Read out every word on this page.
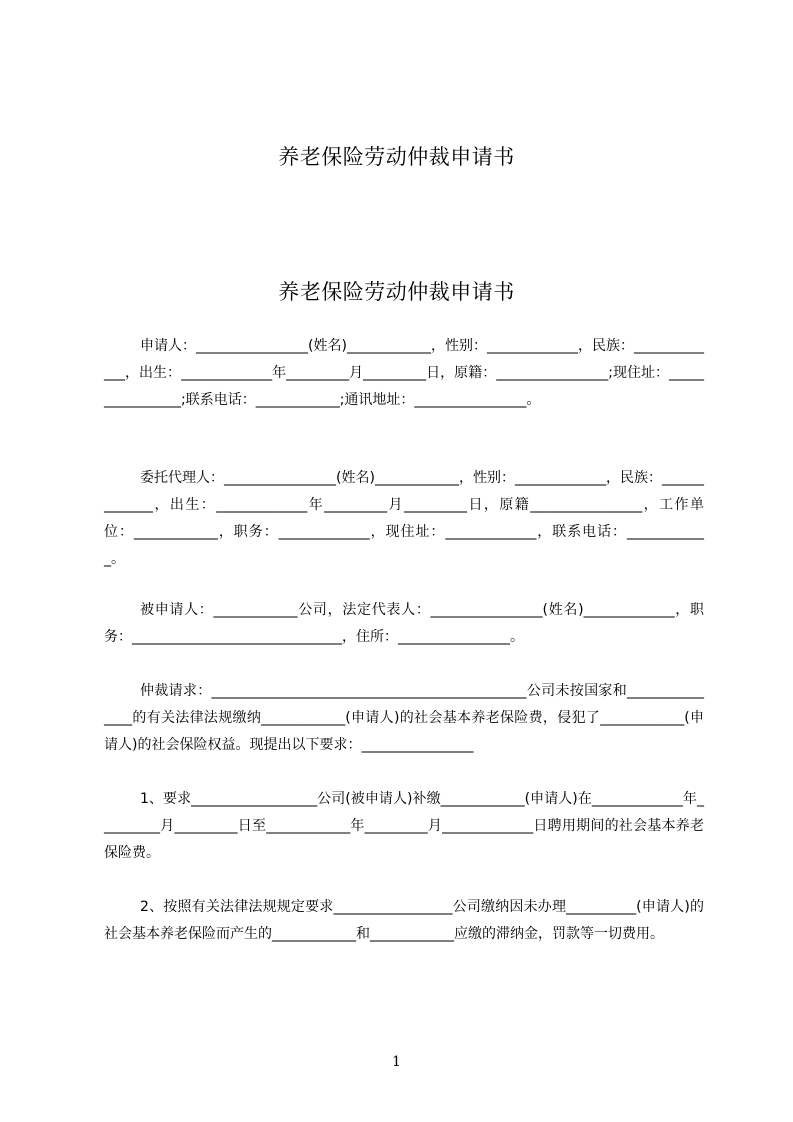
养老保险劳动仲裁申请书
养老保险劳动仲裁申请书
申请人：________________(姓名)____________，性别：_____________，民族：_____________，出生：_____________年_________月_________日，原籍：________________;现住址：________________;联系电话：____________;通讯地址：________________。
委托代理人：________________(姓名)____________，性别：_____________，民族：_____________，出生：_____________年_________月_________日，原籍________________，工作单位：____________，职务：_____________，现住址：_____________，联系电话：____________。
被申请人：____________公司，法定代表人：________________(姓名)_____________，职务：______________________________，住所：________________。
仲裁请求：_____________________________________________公司未按国家和_______________的有关法律法规缴纳____________(申请人)的社会基本养老保险费，侵犯了____________(申请人)的社会保险权益。现提出以下要求：________________
1、要求__________________公司(被申请人)补缴____________(申请人)在_____________年_________月_________日至____________年_________月_____________日聘用期间的社会基本养老保险费。
2、按照有关法律法规规定要求_________________公司缴纳因未办理__________(申请人)的社会基本养老保险而产生的____________和____________应缴的滞纳金，罚款等一切费用。
1
